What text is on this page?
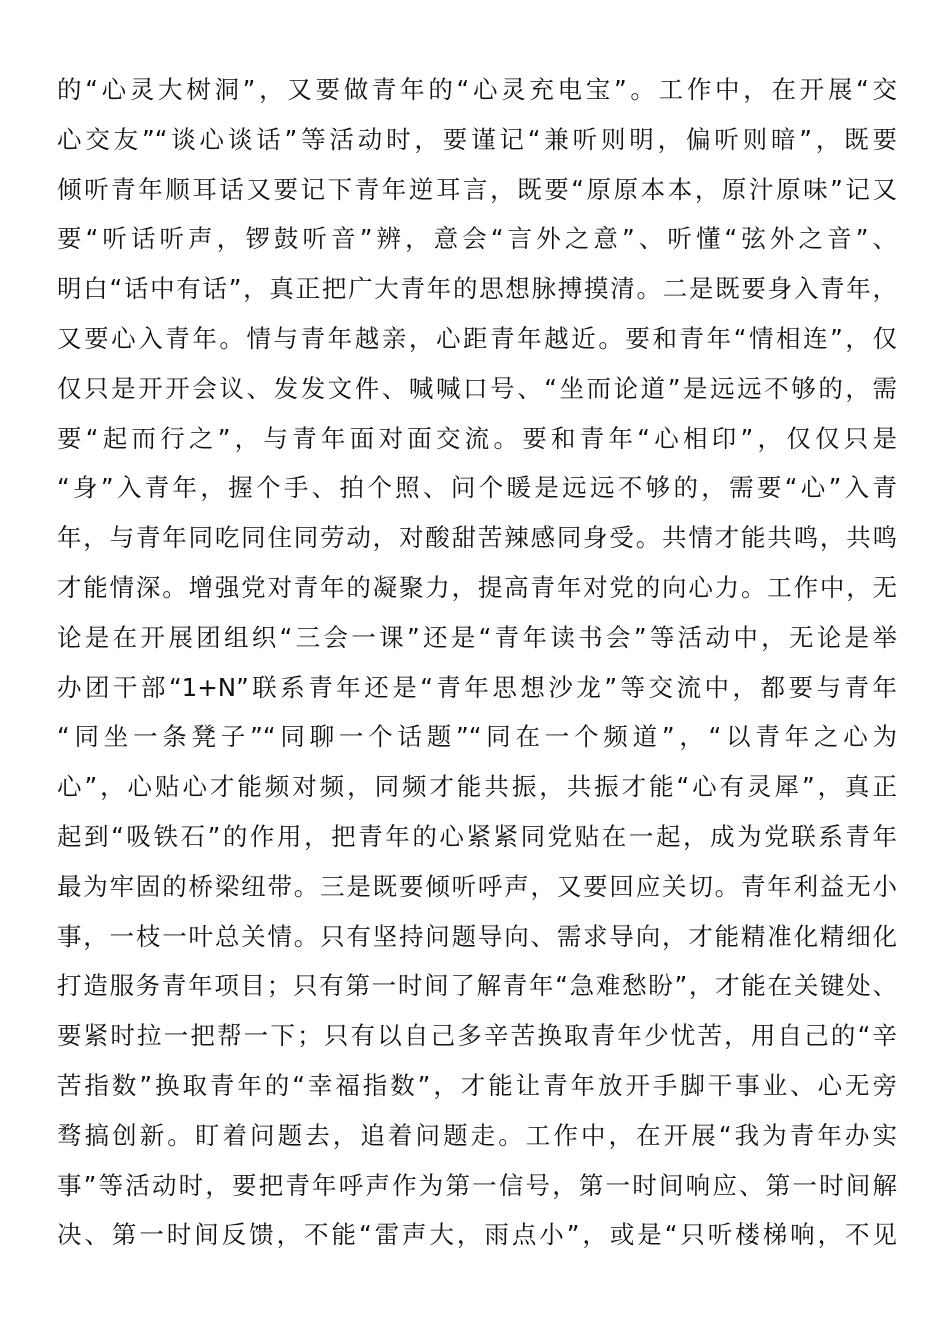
的“心灵大树洞”，又要做青年的“心灵充电宝”。工作中，在开展“交
心交友”“谈心谈话”等活动时，要谨记“兼听则明，偏听则暗”，既要
倾听青年顺耳话又要记下青年逆耳言，既要“原原本本，原汁原味”记又
要“听话听声，锣鼓听音”辨，意会“言外之意”、听懂“弦外之音”、
明白“话中有话”，真正把广大青年的思想脉搏摸清。二是既要身入青年，
又要心入青年。情与青年越亲，心距青年越近。要和青年“情相连”，仅
仅只是开开会议、发发文件、喊喊口号、“坐而论道”是远远不够的，需
要“起而行之”，与青年面对面交流。要和青年“心相印”，仅仅只是
“身”入青年，握个手、拍个照、问个暖是远远不够的，需要“心”入青
年，与青年同吃同住同劳动，对酸甜苦辣感同身受。共情才能共鸣，共鸣
才能情深。增强党对青年的凝聚力，提高青年对党的向心力。工作中，无
论是在开展团组织“三会一课”还是“青年读书会”等活动中，无论是举
办团干部“1+N”联系青年还是“青年思想沙龙”等交流中，都要与青年
“同坐一条凳子”“同聊一个话题”“同在一个频道”，“以青年之心为
心”，心贴心才能频对频，同频才能共振，共振才能“心有灵犀”，真正
起到“吸铁石”的作用，把青年的心紧紧同党贴在一起，成为党联系青年
最为牢固的桥梁纽带。三是既要倾听呼声，又要回应关切。青年利益无小
事，一枝一叶总关情。只有坚持问题导向、需求导向，才能精准化精细化
打造服务青年项目；只有第一时间了解青年“急难愁盼”，才能在关键处、
要紧时拉一把帮一下；只有以自己多辛苦换取青年少忧苦，用自己的“辛
苦指数”换取青年的“幸福指数”，才能让青年放开手脚干事业、心无旁
骛搞创新。盯着问题去，追着问题走。工作中，在开展“我为青年办实
事”等活动时，要把青年呼声作为第一信号，第一时间响应、第一时间解
决、第一时间反馈，不能“雷声大，雨点小”，或是“只听楼梯响，不见
